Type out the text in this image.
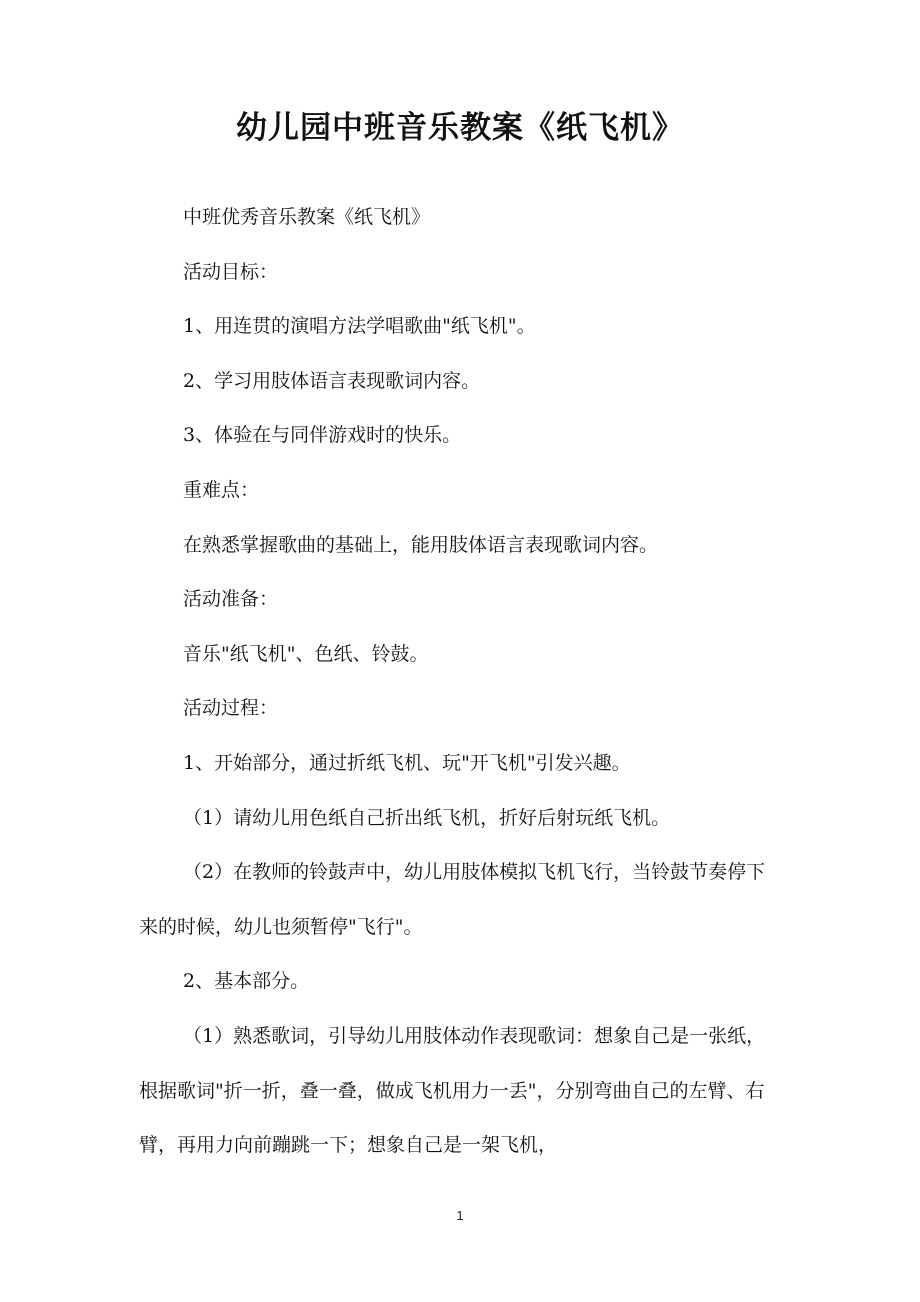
幼儿园中班音乐教案《纸飞机》

中班优秀音乐教案《纸飞机》

活动目标：

1、用连贯的演唱方法学唱歌曲"纸飞机"。

2、学习用肢体语言表现歌词内容。

3、体验在与同伴游戏时的快乐。

重难点：

在熟悉掌握歌曲的基础上，能用肢体语言表现歌词内容。

活动准备：

音乐"纸飞机"、色纸、铃鼓。

活动过程：

1、开始部分，通过折纸飞机、玩"开飞机"引发兴趣。

（1）请幼儿用色纸自己折出纸飞机，折好后射玩纸飞机。

（2）在教师的铃鼓声中，幼儿用肢体模拟飞机飞行，当铃鼓节奏停下来的时候，幼儿也须暂停"飞行"。

2、基本部分。

（1）熟悉歌词，引导幼儿用肢体动作表现歌词：想象自己是一张纸，根据歌词"折一折，叠一叠，做成飞机用力一丢"，分别弯曲自己的左臂、右臂，再用力向前蹦跳一下；想象自己是一架飞机，

1
